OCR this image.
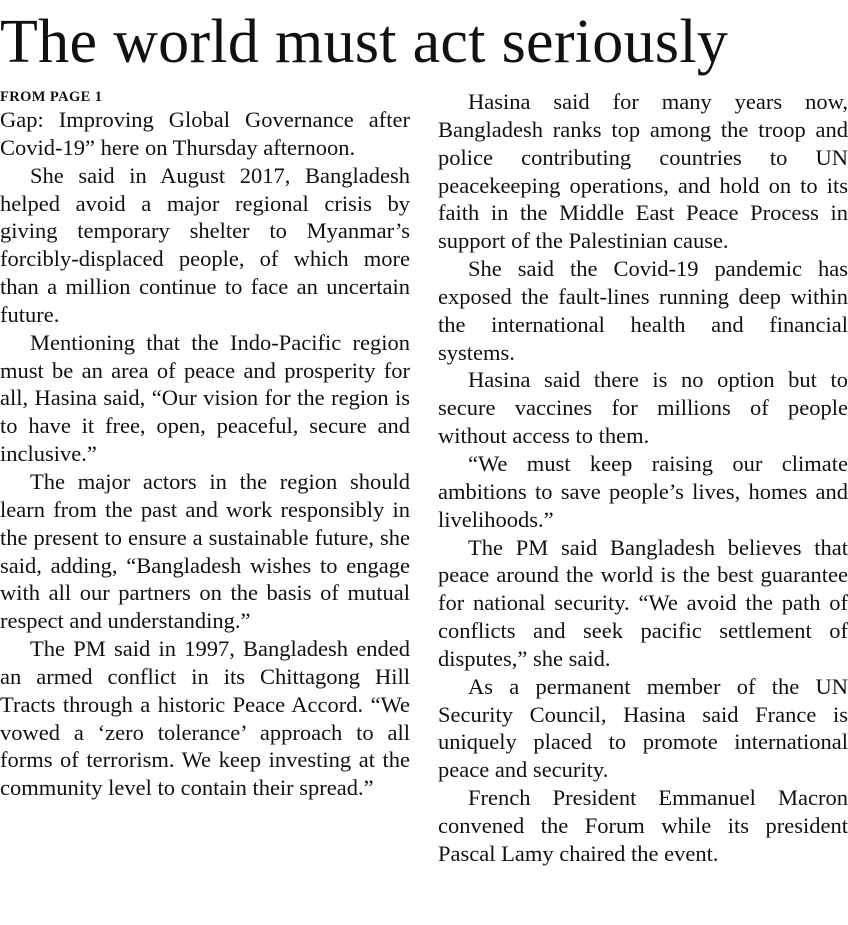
The world must act seriously
FROM PAGE 1

Gap: Improving Global Governance after Covid-19” here on Thursday afternoon.

She said in August 2017, Bangladesh helped avoid a major regional crisis by giving temporary shelter to Myanmar’s forcibly-displaced people, of which more than a million continue to face an uncertain future.

Mentioning that the Indo-Pacific region must be an area of peace and prosperity for all, Hasina said, “Our vision for the region is to have it free, open, peaceful, secure and inclusive.”

The major actors in the region should learn from the past and work responsibly in the present to ensure a sustainable future, she said, adding, “Bangladesh wishes to engage with all our partners on the basis of mutual respect and understanding.”

The PM said in 1997, Bangladesh ended an armed conflict in its Chittagong Hill Tracts through a historic Peace Accord. “We vowed a ‘zero tolerance’ approach to all forms of terrorism. We keep investing at the community level to contain their spread.”

Hasina said for many years now, Bangladesh ranks top among the troop and police contributing countries to UN peacekeeping operations, and hold on to its faith in the Middle East Peace Process in support of the Palestinian cause.

She said the Covid-19 pandemic has exposed the fault-lines running deep within the international health and financial systems.

Hasina said there is no option but to secure vaccines for millions of people without access to them.

“We must keep raising our climate ambitions to save people’s lives, homes and livelihoods.”

The PM said Bangladesh believes that peace around the world is the best guarantee for national security. “We avoid the path of conflicts and seek pacific settlement of disputes,” she said.

As a permanent member of the UN Security Council, Hasina said France is uniquely placed to promote international peace and security.

French President Emmanuel Macron convened the Forum while its president Pascal Lamy chaired the event.
